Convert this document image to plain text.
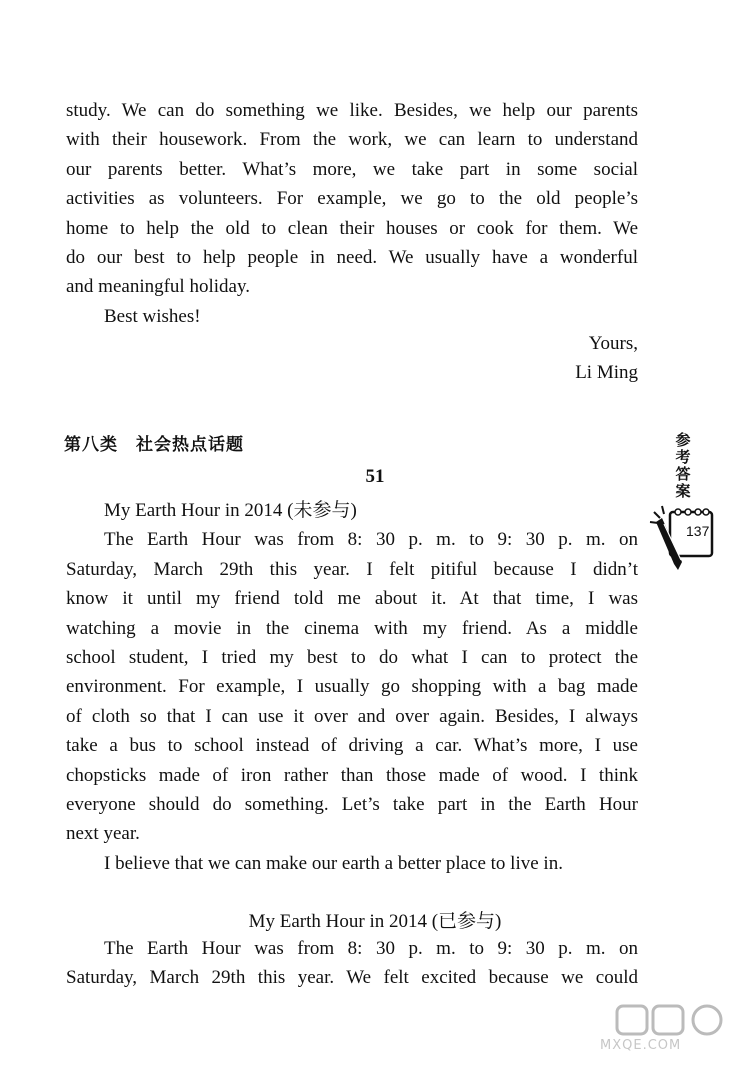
study. We can do something we like. Besides, we help our parents

with their housework. From the work, we can learn to understand

our parents better. What’s more, we take part in some social

activities as volunteers. For example, we go to the old people’s

home to help the old to clean their houses or cook for them. We

do our best to help people in need. We usually have a wonderful

and meaningful holiday.

Best wishes!

Yours,

Li Ming

第八类 社会热点话题
51

My Earth Hour in 2014 (未参与)

The Earth Hour was from 8: 30 p. m. to 9: 30 p. m. on

Saturday, March 29th this year. I felt pitiful because I didn’t

know it until my friend told me about it. At that time, I was

watching a movie in the cinema with my friend. As a middle

school student, I tried my best to do what I can to protect the

environment. For example, I usually go shopping with a bag made

of cloth so that I can use it over and over again. Besides, I always

take a bus to school instead of driving a car. What’s more, I use

chopsticks made of iron rather than those made of wood. I think

everyone should do something. Let’s take part in the Earth Hour

next year.

I believe that we can make our earth a better place to live in.

My Earth Hour in 2014 (已参与)

The Earth Hour was from 8: 30 p. m. to 9: 30 p. m. on

Saturday, March 29th this year. We felt excited because we could

参
考
答
案
137
MXQE.COM
